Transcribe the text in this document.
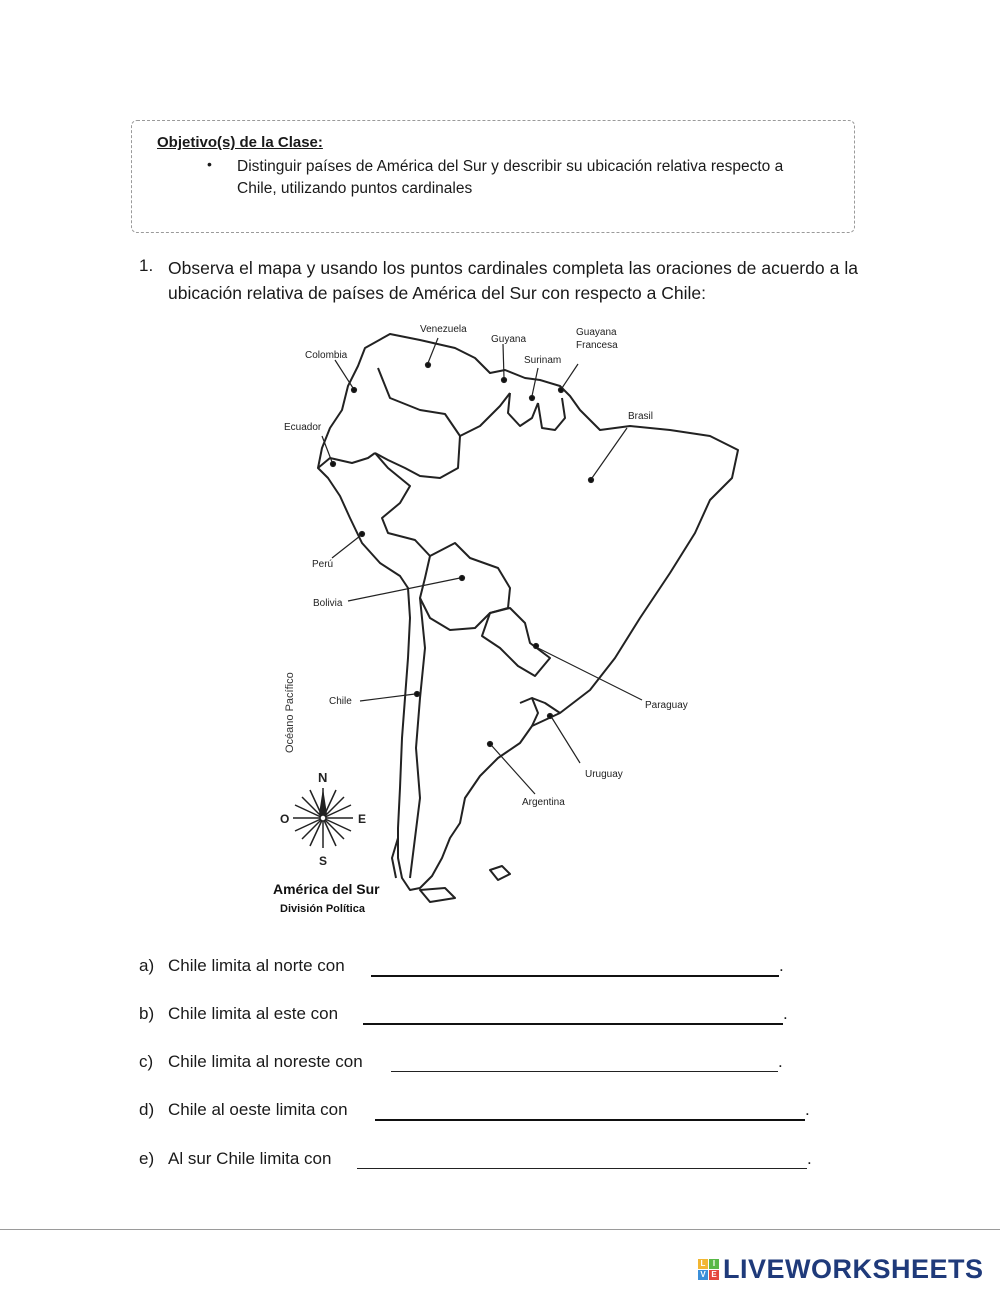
Objetivo(s) de la Clase:
• Distinguir países de América del Sur y describir su ubicación relativa respecto a Chile, utilizando puntos cardinales
1. Observa el mapa y usando los puntos cardinales completa las oraciones de acuerdo a la ubicación relativa de países de América del Sur con respecto a Chile:
Venezuela
Guyana
Guayana
Francesa
Surinam
Colombia
Brasil
Ecuador
Perú
Bolivia
Chile	Paraguay
Uruguay
Argentina
Océano Pacífico
N
S
E
O
América del Sur
División Política
a) Chile limita al norte con	.
b) Chile limita al este con	.
c) Chile limita al noreste con	.
d) Chile al oeste limita con	.
e) Al sur Chile limita con	.
L I
V E LIVEWORKSHEETS
